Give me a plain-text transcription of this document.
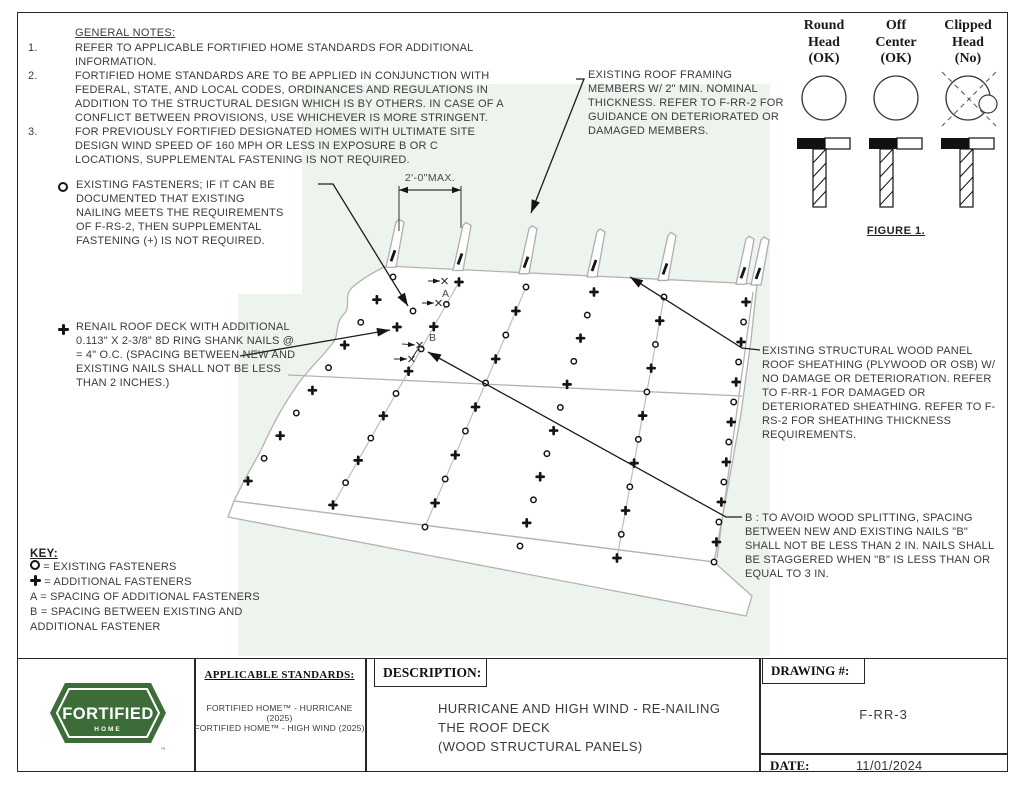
2'-0"MAX.
A
B
GENERAL NOTES:
1.	REFER TO APPLICABLE FORTIFIED HOME STANDARDS FOR ADDITIONAL INFORMATION.
2.	FORTIFIED HOME STANDARDS ARE TO BE APPLIED IN CONJUNCTION WITH FEDERAL, STATE, AND LOCAL CODES, ORDINANCES AND REGULATIONS IN ADDITION TO THE STRUCTURAL DESIGN WHICH IS BY OTHERS. IN CASE OF A CONFLICT BETWEEN PROVISIONS, USE WHICHEVER IS MORE STRINGENT.
3.	FOR PREVIOUSLY FORTIFIED DESIGNATED HOMES WITH ULTIMATE SITE DESIGN WIND SPEED OF 160 MPH OR LESS IN EXPOSURE B OR C LOCATIONS, SUPPLEMENTAL FASTENING IS NOT REQUIRED.
EXISTING FASTENERS; IF IT CAN BE DOCUMENTED THAT EXISTING NAILING MEETS THE REQUIREMENTS OF F-RS-2, THEN SUPPLEMENTAL FASTENING (+) IS NOT REQUIRED.
RENAIL ROOF DECK WITH ADDITIONAL 0.113" X 2-3/8" 8D RING SHANK NAILS @ = 4" O.C. (SPACING BETWEEN NEW AND EXISTING NAILS SHALL NOT BE LESS THAN 2 INCHES.)
EXISTING ROOF FRAMING MEMBERS W/ 2" MIN. NOMINAL THICKNESS. REFER TO F-RR-2 FOR GUIDANCE ON DETERIORATED OR DAMAGED MEMBERS.
EXISTING STRUCTURAL WOOD PANEL ROOF SHEATHING (PLYWOOD OR OSB) W/ NO DAMAGE OR DETERIORATION. REFER TO F-RR-1 FOR DAMAGED OR DETERIORATED SHEATHING. REFER TO F-RS-2 FOR SHEATHING THICKNESS REQUIREMENTS.
B : TO AVOID WOOD SPLITTING, SPACING BETWEEN NEW AND EXISTING NAILS "B" SHALL NOT BE LESS THAN 2 IN. NAILS SHALL BE STAGGERED WHEN "B" IS LESS THAN OR EQUAL TO 3 IN.
KEY:
= EXISTING FASTENERS
= ADDITIONAL FASTENERS
A = SPACING OF ADDITIONAL FASTENERS
B = SPACING BETWEEN EXISTING AND ADDITIONAL FASTENER
Round
Head
(OK)
Off
Center
(OK)
Clipped
Head
(No)
FIGURE 1.
FORTIFIED
HOME
™
APPLICABLE STANDARDS:
FORTIFIED HOME™ - HURRICANE (2025)
FORTIFIED HOME™ - HIGH WIND (2025)
DESCRIPTION:
HURRICANE AND HIGH WIND - RE-NAILING
THE ROOF DECK
(WOOD STRUCTURAL PANELS)
DRAWING #:
F-RR-3
DATE:	11/01/2024
